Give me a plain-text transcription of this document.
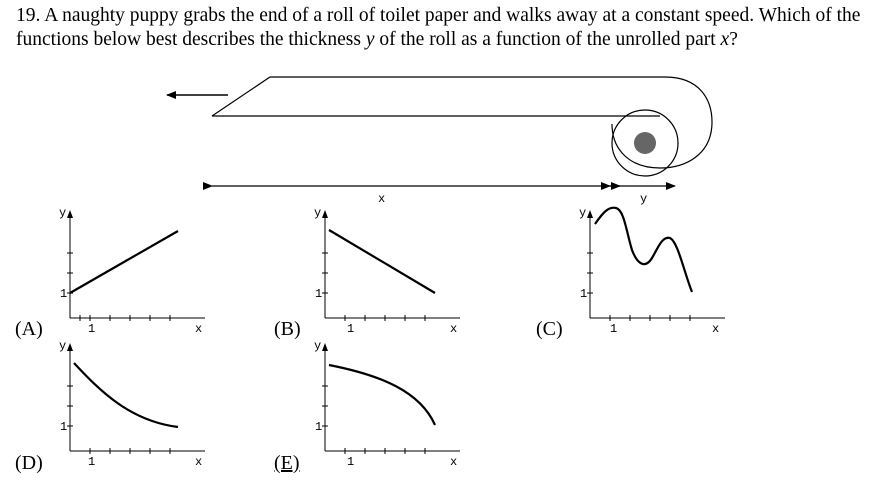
19. A naughty puppy grabs the end of a roll of toilet paper and walks away at a constant speed. Which of the functions below best describes the thickness y of the roll as a function of the unrolled part x?

x	y
y
x
1
1
y
x
1
1
y
x
1
1
y
x
1
1
y
x
1
1
(A)	(B)	(C)
(D)	(E)
